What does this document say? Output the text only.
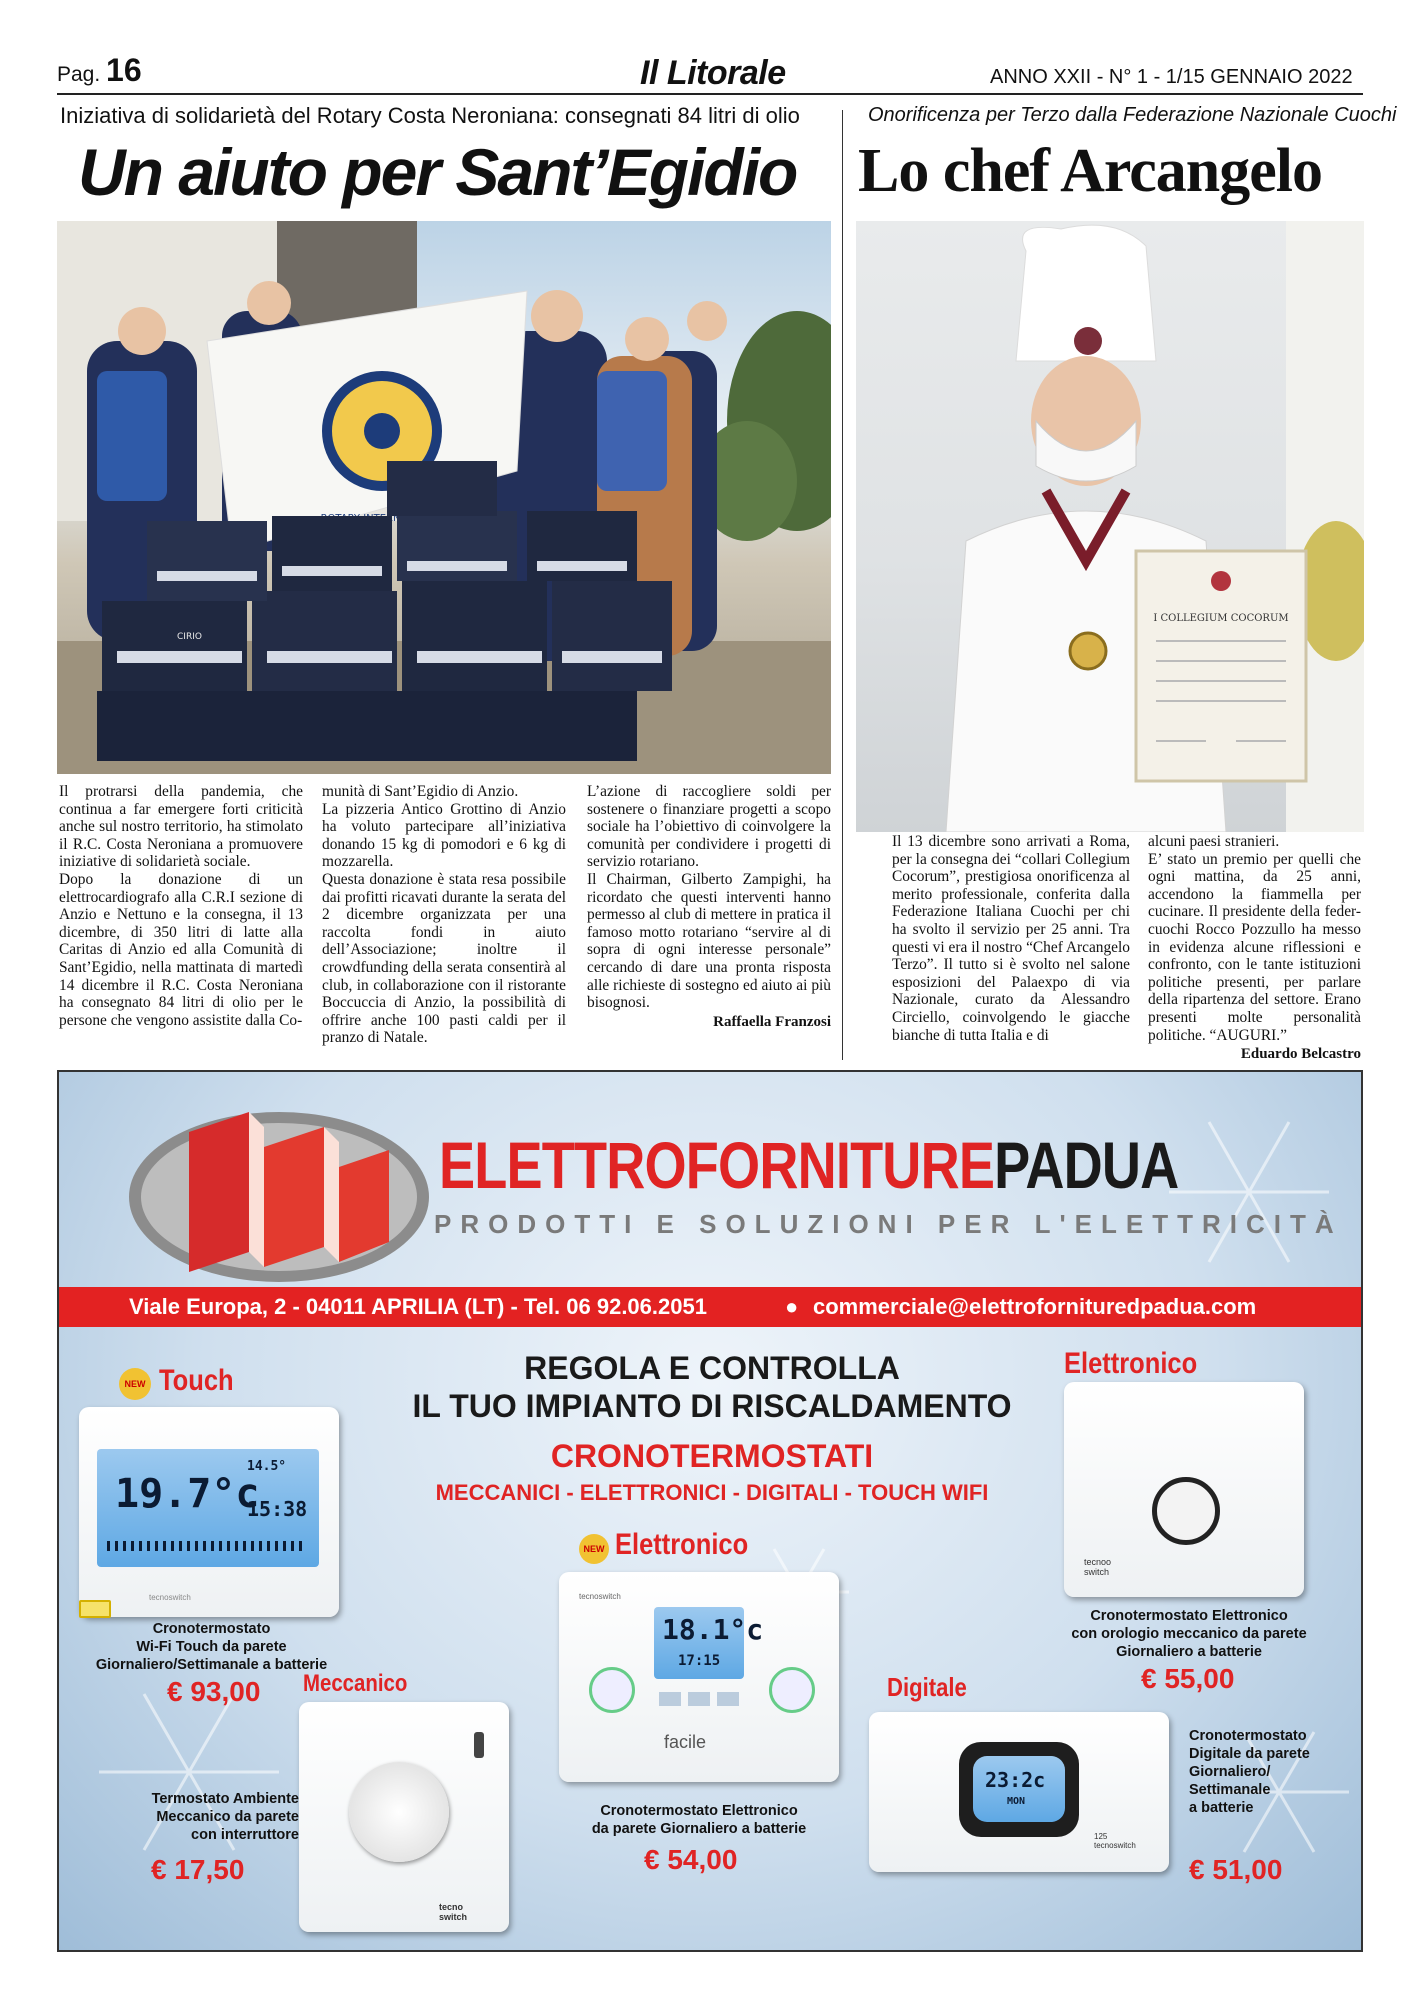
Pag. 16	Il Litorale	ANNO XXII - N° 1 - 1/15 GENNAIO 2022
Iniziativa di solidarietà del Rotary Costa Neroniana: consegnati 84 litri di olio	Onorificenza per Terzo dalla Federazione Nazionale Cuochi
Un aiuto per Sant’Egidio Lo chef Arcangelo
CIRIO
I COLLEGIUM COCORUM

Il protrarsi della pandemia, che continua a far emergere forti criticità anche sul nostro territorio, ha stimolato il R.C. Costa Neroniana a promuovere iniziative di solidarietà sociale.

Dopo la donazione di un elettrocardiografo alla C.R.I sezione di Anzio e Nettuno e la consegna, il 13 dicembre, di 350 litri di latte alla Caritas di Anzio ed alla Comunità di Sant’Egidio, nella mattinata di martedì 14 dicembre il R.C. Costa Neroniana ha consegnato 84 litri di olio per le persone che vengono assistite dalla Co-

munità di Sant’Egidio di Anzio.

La pizzeria Antico Grottino di Anzio ha voluto partecipare all’iniziativa donando 15 kg di pomodori e 6 kg di mozzarella.

Questa donazione è stata resa possibile dai profitti ricavati durante la serata del 2 dicembre organizzata per una raccolta fondi in aiuto dell’Associazione; inoltre il crowdfunding della serata consentirà al club, in collaborazione con il ristorante Boccuccia di Anzio, la possibilità di offrire anche 100 pasti caldi per il pranzo di Natale.

L’azione di raccogliere soldi per sostenere o finanziare progetti a scopo sociale ha l’obiettivo di coinvolgere la comunità per condividere i progetti di servizio rotariano.

Il Chairman, Gilberto Zampighi, ha ricordato che questi interventi hanno permesso al club di mettere in pratica il famoso motto rotariano “servire al di sopra di ogni interesse personale” cercando di dare una pronta risposta alle richieste di sostegno ed aiuto ai più bisognosi.

Raffaella Franzosi

Il 13 dicembre sono arrivati a Roma, per la consegna dei “collari Collegium Cocorum”, prestigiosa onorificenza al merito professionale, conferita dalla Federazione Italiana Cuochi per chi ha svolto il servizio per 25 anni. Tra questi vi era il nostro “Chef Arcangelo Terzo”. Il tutto si è svolto nel salone esposizioni del Palaexpo di via Nazionale, curato da Alessandro Circiello, coinvolgendo le giacche bianche di tutta Italia e di

alcuni paesi stranieri.

E’ stato un premio per quelli che ogni mattina, da 25 anni, accendono la fiammella per cucinare. Il presidente della feder-cuochi Rocco Pozzullo ha messo in evidenza alcune riflessioni e confronto, con le tante istituzioni politiche presenti, per parlare della ripartenza del settore. Erano presenti molte personalità politiche. “AUGURI.”

Eduardo Belcastro
ELETTROFORNITUREPADUA
PRODOTTI E SOLUZIONI PER L'ELETTRICITÀ
Viale Europa, 2 - 04011 APRILIA (LT) - Tel. 06 92.06.2051	● commerciale@elettrofornituredpadua.com
REGOLA E CONTROLLA
IL TUO IMPIANTO DI RISCALDAMENTO
CRONOTERMOSTATI
MECCANICI - ELETTRONICI - DIGITALI - TOUCH WIFI
NEW Touch
19.7°c
14.5°
15:38
tecnoswitch
Cronotermostato
Wi-Fi Touch da parete
Giornaliero/Settimanale a batterie
€ 93,00
Elettronico
tecnoo switch
Cronotermostato Elettronico
con orologio meccanico da parete
Giornaliero a batterie
€ 55,00
NEW Elettronico
tecnoswitch
18.1°c
17:15
facile
Cronotermostato Elettronico
da parete Giornaliero a batterie
€ 54,00
Meccanico
tecno switch
Termostato Ambiente
Meccanico da parete
con interruttore
€ 17,50
Digitale
23:2c
MON
125
tecnoswitch
Cronotermostato
Digitale da parete
Giornaliero/
Settimanale
a batterie
€ 51,00
